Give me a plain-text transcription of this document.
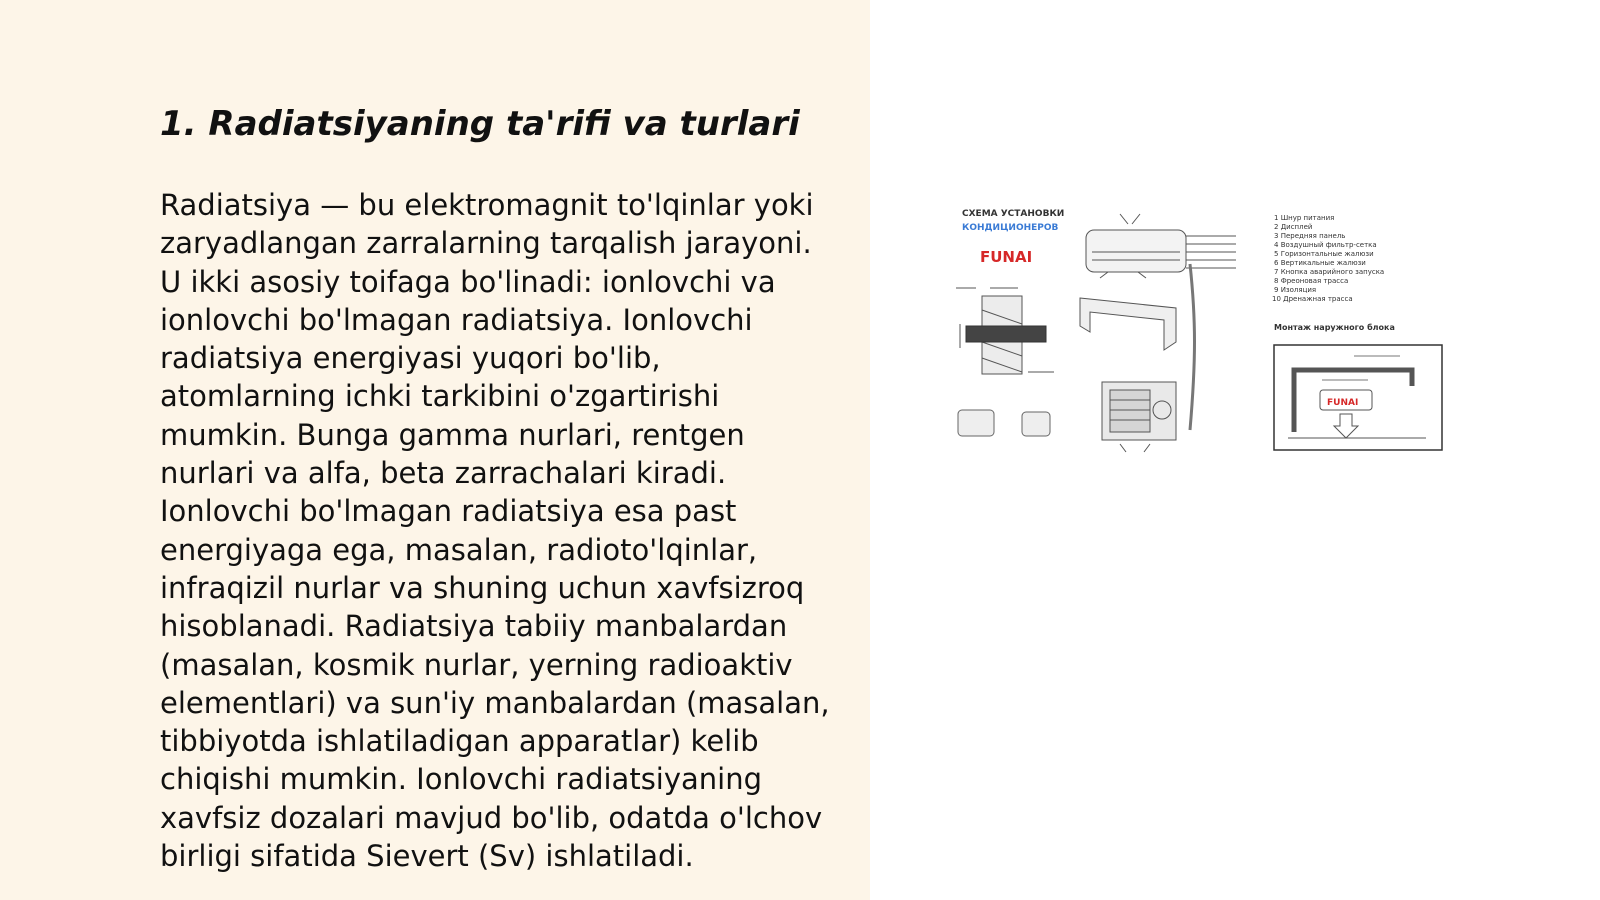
1. Radiatsiyaning ta'rifi va turlari

Radiatsiya — bu elektromagnit to'lqinlar yoki zaryadlangan zarralarning tarqalish jarayoni. U ikki asosiy toifaga bo'linadi: ionlovchi va ionlovchi bo'lmagan radiatsiya. Ionlovchi radiatsiya energiyasi yuqori bo'lib, atomlarning ichki tarkibini o'zgartirishi mumkin. Bunga gamma nurlari, rentgen nurlari va alfa, beta zarrachalari kiradi. Ionlovchi bo'lmagan radiatsiya esa past energiyaga ega, masalan, radioto'lqinlar, infraqizil nurlar va shuning uchun xavfsizroq hisoblanadi. Radiatsiya tabiiy manbalardan (masalan, kosmik nurlar, yerning radioaktiv elementlari) va sun'iy manbalardan (masalan, tibbiyotda ishlatiladigan apparatlar) kelib chiqishi mumkin. Ionlovchi radiatsiyaning xavfsiz dozalari mavjud bo'lib, odatda o'lchov birligi sifatida Sievert (Sv) ishlatiladi.

СХЕМА УСТАНОВКИ
КОНДИЦИОНЕРОВ
FUNAI
1 Шнур питания
2 Дисплей
3 Передняя панель
4 Воздушный фильтр-сетка
5 Горизонтальные жалюзи
6 Вертикальные жалюзи
7 Кнопка аварийного запуска
8 Фреоновая трасса
9 Изоляция
10 Дренажная трасса
Монтаж наружного блока
FUNAI
